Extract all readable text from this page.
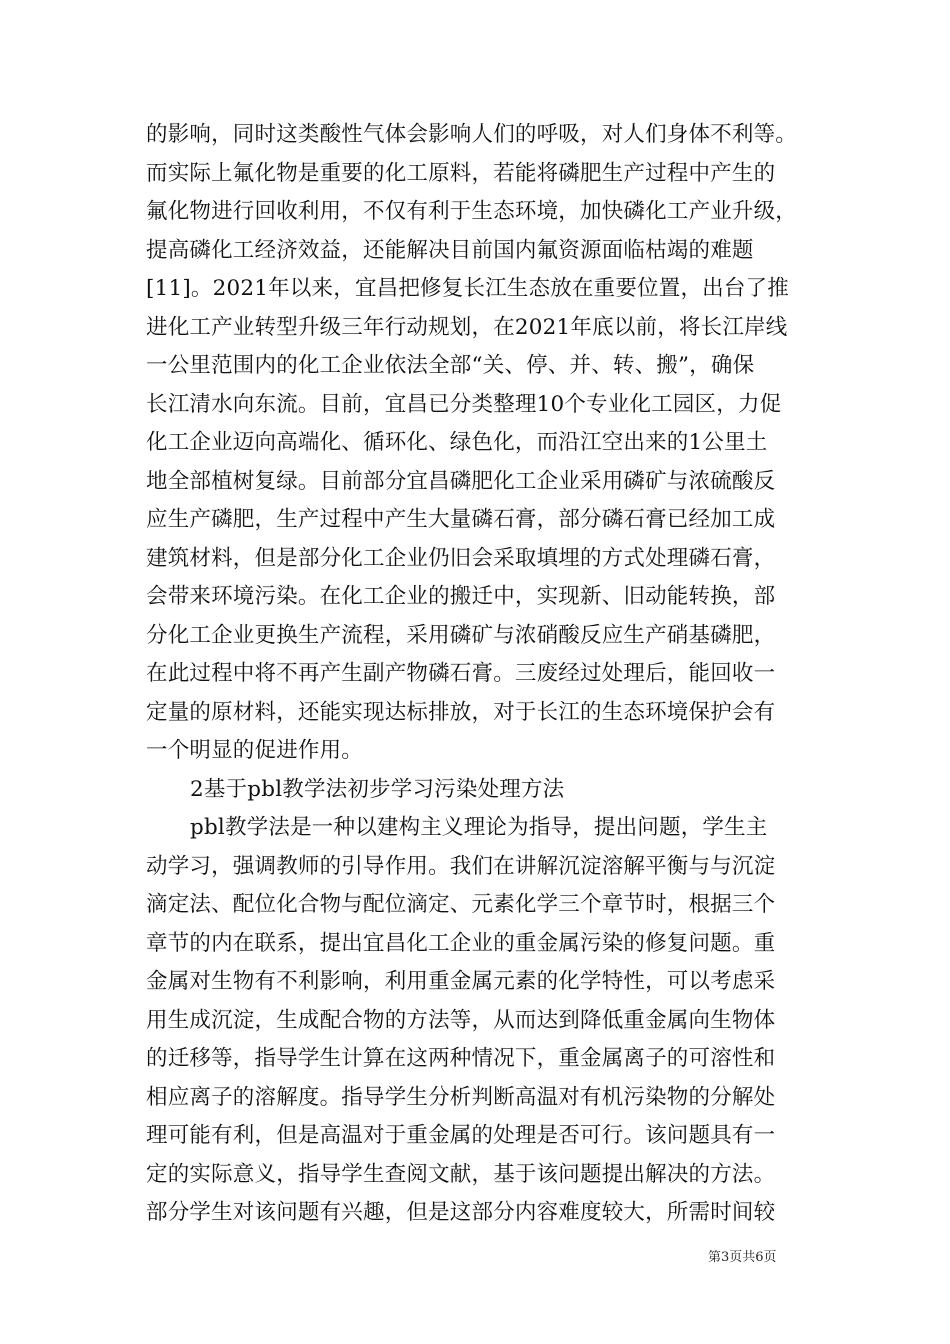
的影响，同时这类酸性气体会影响人们的呼吸，对人们身体不利等。
而实际上氟化物是重要的化工原料，若能将磷肥生产过程中产生的
氟化物进行回收利用，不仅有利于生态环境，加快磷化工产业升级，
提高磷化工经济效益，还能解决目前国内氟资源面临枯竭的难题
[11]。2021年以来，宜昌把修复长江生态放在重要位置，出台了推
进化工产业转型升级三年行动规划，在2021年底以前，将长江岸线
一公里范围内的化工企业依法全部“关、停、并、转、搬”，确保
长江清水向东流。目前，宜昌已分类整理10个专业化工园区，力促
化工企业迈向高端化、循环化、绿色化，而沿江空出来的1公里土
地全部植树复绿。目前部分宜昌磷肥化工企业采用磷矿与浓硫酸反
应生产磷肥，生产过程中产生大量磷石膏，部分磷石膏已经加工成
建筑材料，但是部分化工企业仍旧会采取填埋的方式处理磷石膏，
会带来环境污染。在化工企业的搬迁中，实现新、旧动能转换，部
分化工企业更换生产流程，采用磷矿与浓硝酸反应生产硝基磷肥，
在此过程中将不再产生副产物磷石膏。三废经过处理后，能回收一
定量的原材料，还能实现达标排放，对于长江的生态环境保护会有
一个明显的促进作用。
2基于pbl教学法初步学习污染处理方法
pbl教学法是一种以建构主义理论为指导，提出问题，学生主
动学习，强调教师的引导作用。我们在讲解沉淀溶解平衡与与沉淀
滴定法、配位化合物与配位滴定、元素化学三个章节时，根据三个
章节的内在联系，提出宜昌化工企业的重金属污染的修复问题。重
金属对生物有不利影响，利用重金属元素的化学特性，可以考虑采
用生成沉淀，生成配合物的方法等，从而达到降低重金属向生物体
的迁移等，指导学生计算在这两种情况下，重金属离子的可溶性和
相应离子的溶解度。指导学生分析判断高温对有机污染物的分解处
理可能有利，但是高温对于重金属的处理是否可行。该问题具有一
定的实际意义，指导学生查阅文献，基于该问题提出解决的方法。
部分学生对该问题有兴趣，但是这部分内容难度较大，所需时间较
第3页共6页
